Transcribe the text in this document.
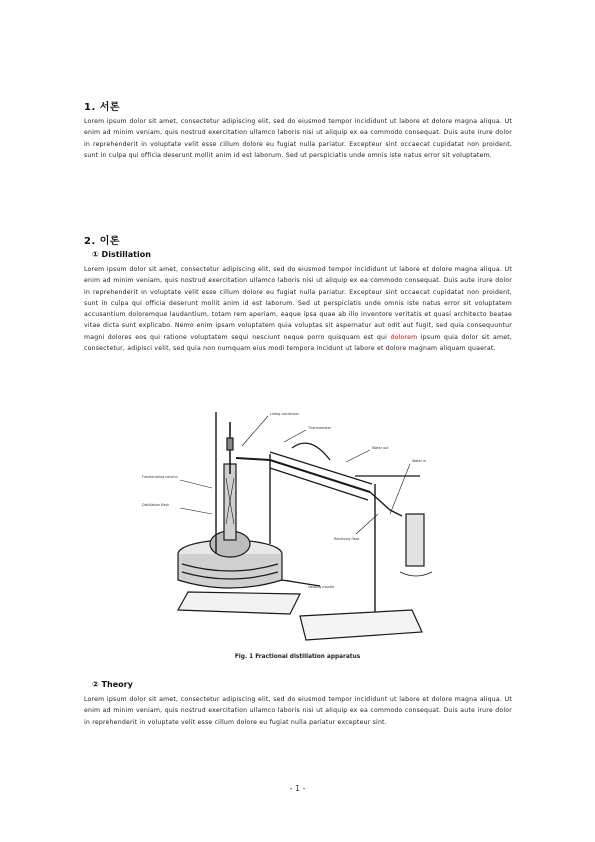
1. 서론
Lorem ipsum dolor sit amet, consectetur adipiscing elit, sed do eiusmod tempor incididunt ut labore et dolore magna aliqua. Ut enim ad minim veniam, quis nostrud exercitation ullamco laboris nisi ut aliquip ex ea commodo consequat. Duis aute irure dolor in reprehenderit in voluptate velit esse cillum dolore eu fugiat nulla pariatur. Excepteur sint occaecat cupidatat non proident, sunt in culpa qui officia deserunt mollit anim id est laborum. Sed ut perspiciatis unde omnis iste natus error sit voluptatem.
2. 이론
① Distillation
Lorem ipsum dolor sit amet, consectetur adipiscing elit, sed do eiusmod tempor incididunt ut labore et dolore magna aliqua. Ut enim ad minim veniam, quis nostrud exercitation ullamco laboris nisi ut aliquip ex ea commodo consequat. Duis aute irure dolor in reprehenderit in voluptate velit esse cillum dolore eu fugiat nulla pariatur. Excepteur sint occaecat cupidatat non proident, sunt in culpa qui officia deserunt mollit anim id est laborum. Sed ut perspiciatis unde omnis iste natus error sit voluptatem accusantium doloremque laudantium, totam rem aperiam, eaque ipsa quae ab illo inventore veritatis et quasi architecto beatae vitae dicta sunt explicabo. Nemo enim ipsam voluptatem quia voluptas sit aspernatur aut odit aut fugit, sed quia consequuntur magni dolores eos qui ratione voluptatem sequi nesciunt neque porro quisquam est qui dolorem ipsum quia dolor sit amet, consectetur, adipisci velit, sed quia non numquam eius modi tempora incidunt ut labore et dolore magnam aliquam quaerat.
Liebig condenser
Thermometer
Water out
Receiving flask
Water in
Fractionating column
Distillation flask
Heating mantle
Fig. 1 Fractional distillation apparatus
② Theory
Lorem ipsum dolor sit amet, consectetur adipiscing elit, sed do eiusmod tempor incididunt ut labore et dolore magna aliqua. Ut enim ad minim veniam, quis nostrud exercitation ullamco laboris nisi ut aliquip ex ea commodo consequat. Duis aute irure dolor in reprehenderit in voluptate velit esse cillum dolore eu fugiat nulla pariatur excepteur sint.
- 1 -
